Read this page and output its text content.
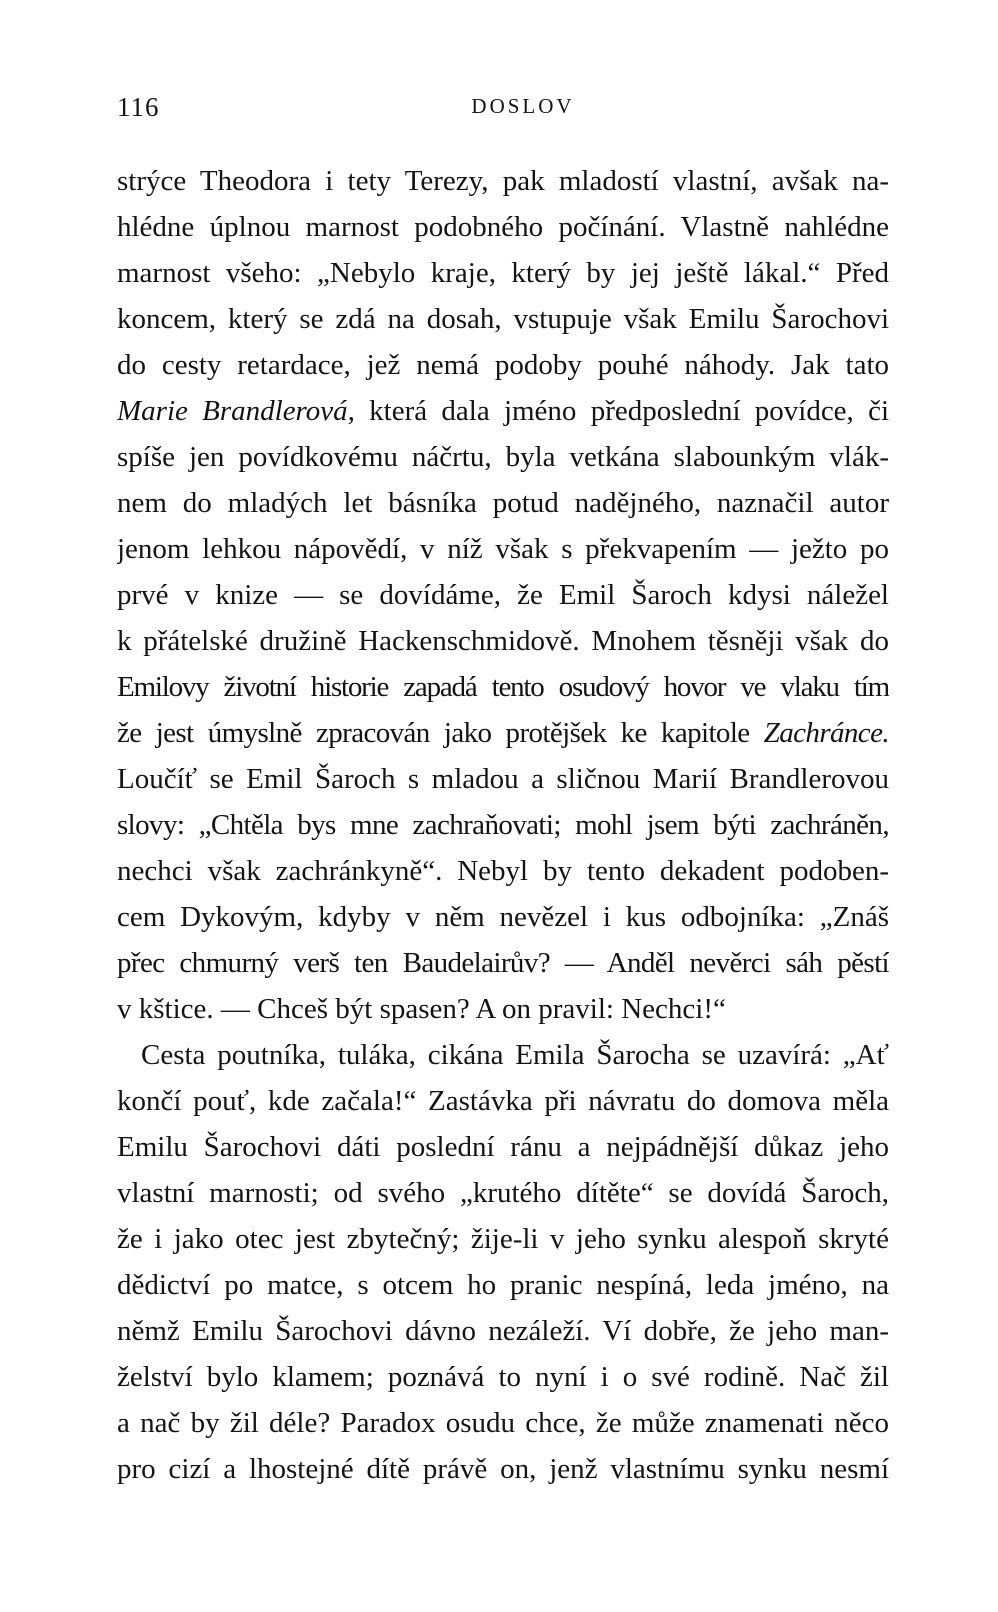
116	DOSLOV
strýce Theodora i tety Terezy, pak mladostí vlastní, avšak na-
hlédne úplnou marnost podobného počínání. Vlastně nahlédne
marnost všeho: „Nebylo kraje, který by jej ještě lákal.“ Před
koncem, který se zdá na dosah, vstupuje však Emilu Šarochovi
do cesty retardace, jež nemá podoby pouhé náhody. Jak tato
Marie Brandlerová, která dala jméno předposlední povídce, či
spíše jen povídkovému náčrtu, byla vetkána slabounkým vlák-
nem do mladých let básníka potud nadějného, naznačil autor
jenom lehkou nápovědí, v níž však s překvapením — ježto po
prvé v knize — se dovídáme, že Emil Šaroch kdysi náležel
k přátelské družině Hackenschmidově. Mnohem těsněji však do
Emilovy životní historie zapadá tento osudový hovor ve vlaku tím
že jest úmyslně zpracován jako protějšek ke kapitole Zachránce.
Loučíť se Emil Šaroch s mladou a sličnou Marií Brandlerovou
slovy: „Chtěla bys mne zachraňovati; mohl jsem býti zachráněn,
nechci však zachránkyně“. Nebyl by tento dekadent podoben-
cem Dykovým, kdyby v něm nevězel i kus odbojníka: „Znáš
přec chmurný verš ten Baudelairův? — Anděl nevěrci sáh pěstí
v kštice. — Chceš být spasen? A on pravil: Nechci!“
Cesta poutníka, tuláka, cikána Emila Šarocha se uzavírá: „Ať
končí pouť, kde začala!“ Zastávka při návratu do domova měla
Emilu Šarochovi dáti poslední ránu a nejpádnější důkaz jeho
vlastní marnosti; od svého „krutého dítěte“ se dovídá Šaroch,
že i jako otec jest zbytečný; žije-li v jeho synku alespoň skryté
dědictví po matce, s otcem ho pranic nespíná, leda jméno, na
němž Emilu Šarochovi dávno nezáleží. Ví dobře, že jeho man-
želství bylo klamem; poznává to nyní i o své rodině. Nač žil
a nač by žil déle? Paradox osudu chce, že může znamenati něco
pro cizí a lhostejné dítě právě on, jenž vlastnímu synku nesmí
